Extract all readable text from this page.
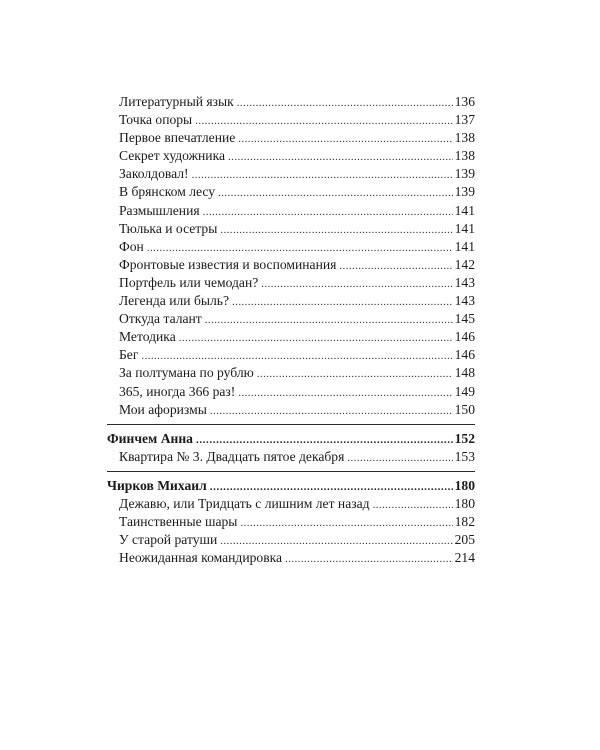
Литературный язык .....	136
Точка опоры .....	137
Первое впечатление .....	138
Секрет художника .....	138
Заколдовал! .....	139
В брянском лесу .....	139
Размышления .....	141
Тюлька и осетры .....	141
Фон .....	141
Фронтовые известия и воспоминания .....	142
Портфель или чемодан? .....	143
Легенда или быль? .....	143
Откуда талант .....	145
Методика .....	146
Бег .....	146
За полтумана по рублю .....	148
365, иногда 366 раз! .....	149
Мои афоризмы .....	150
Финчем Анна .....	152
Квартира № 3. Двадцать пятое декабря .....	153
Чирков Михаил .....	180
Дежавю, или Тридцать с лишним лет назад .....	180
Таинственные шары .....	182
У старой ратуши .....	205
Неожиданная командировка .....	214
